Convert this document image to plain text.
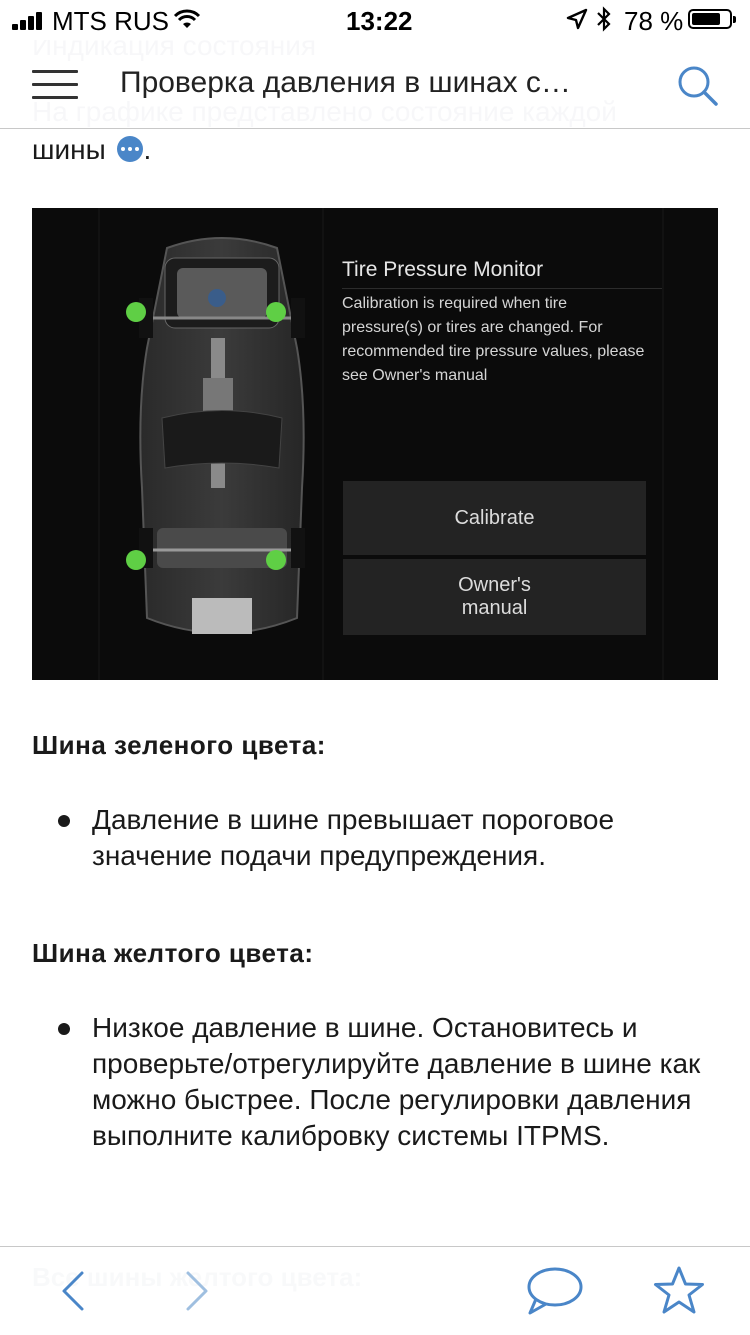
MTS RUS	13:22	78 %
Проверка давления в шинах с…
шины .
Tire Pressure Monitor
Calibration is required when tire pressure(s) or tires are changed. For recommended tire pressure values, please see Owner's manual
Calibrate
Owner's
manual
Шина зеленого цвета:
Давление в шине превышает пороговое значение подачи предупреждения.
Шина желтого цвета:
Низкое давление в шине. Остановитесь и проверьте/отрегулируйте давление в шине как можно быстрее. После регулировки давления выполните калибровку системы ITPMS.
